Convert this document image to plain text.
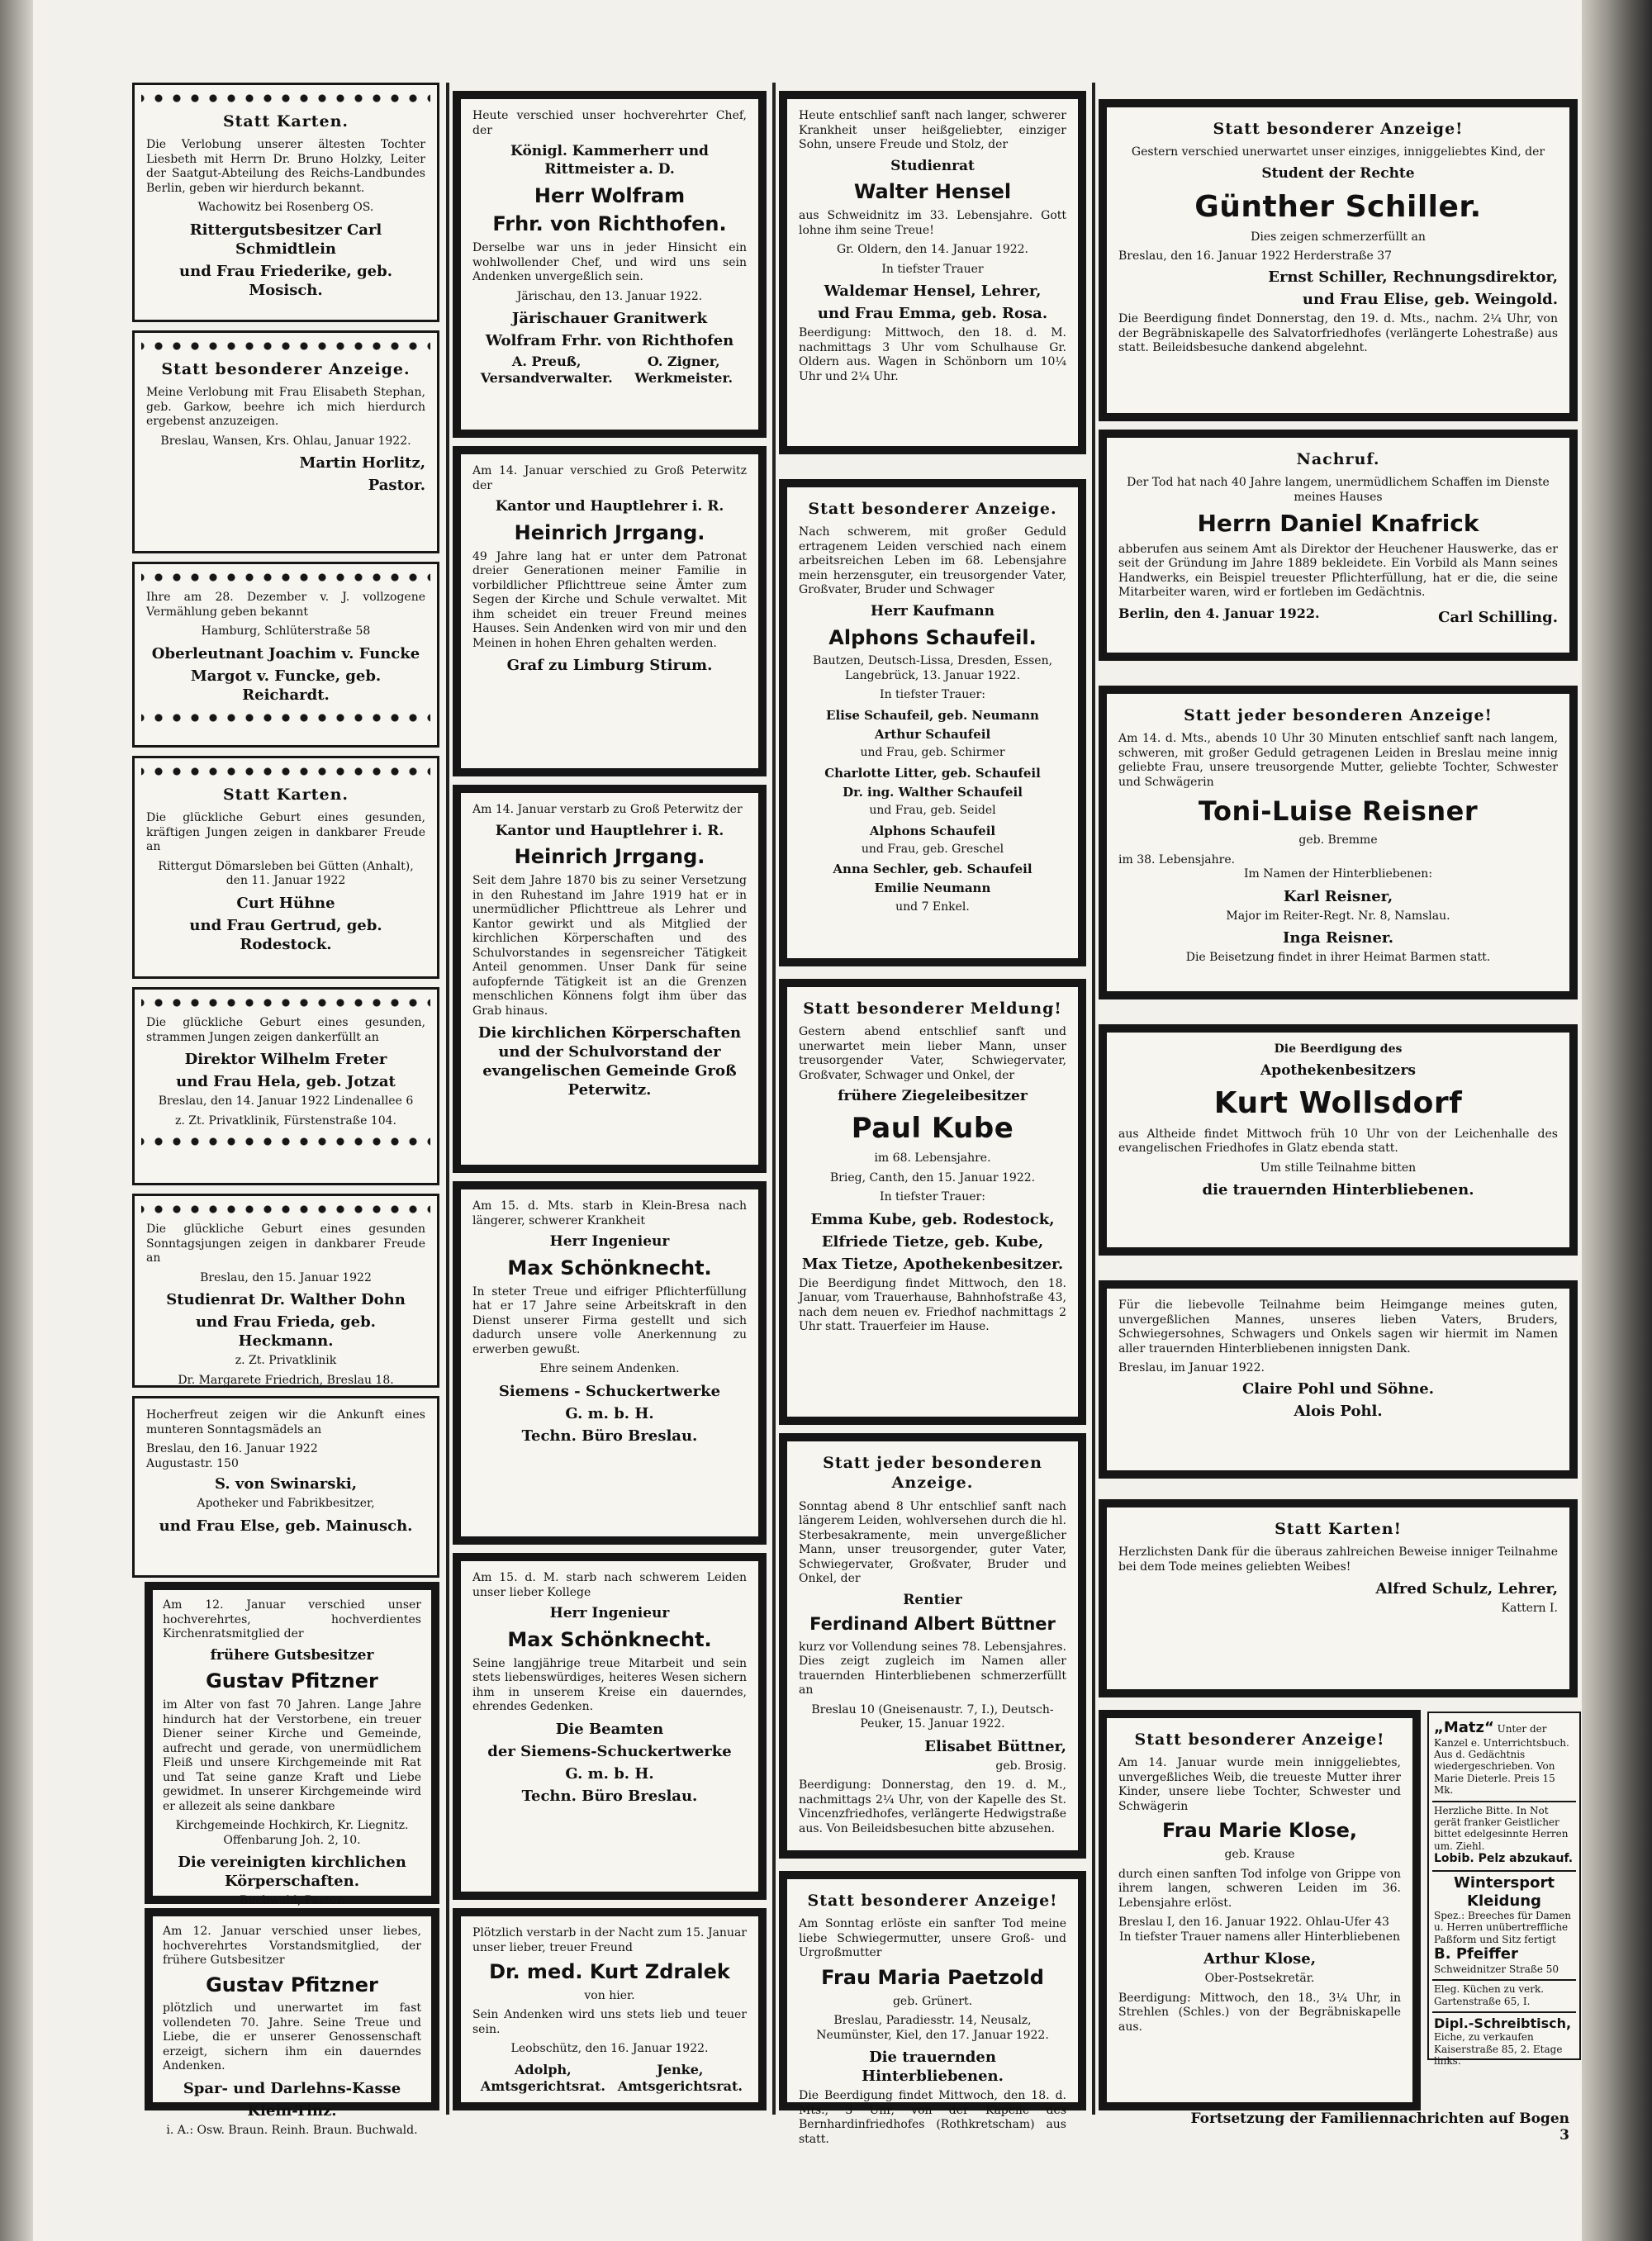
Statt Karten.
Die Verlobung unserer ältesten Tochter Liesbeth mit Herrn Dr. Bruno Holzky, Leiter der Saatgut-Abteilung des Reichs-Landbundes Berlin, geben wir hierdurch bekannt.
Wachowitz bei Rosenberg OS.
Rittergutsbesitzer Carl Schmidtlein
und Frau Friederike, geb. Mosisch.
Statt besonderer Anzeige.
Meine Verlobung mit Frau Elisabeth Stephan, geb. Garkow, beehre ich mich hierdurch ergebenst anzuzeigen.
Breslau, Wansen, Krs. Ohlau, Januar 1922.
Martin Horlitz,
Pastor.
Ihre am 28. Dezember v. J. vollzogene Vermählung geben bekannt
Hamburg, Schlüterstraße 58
Oberleutnant Joachim v. Funcke
Margot v. Funcke, geb. Reichardt.
Statt Karten.
Die glückliche Geburt eines gesunden, kräftigen Jungen zeigen in dankbarer Freude an
Rittergut Dömarsleben bei Gütten (Anhalt), den 11. Januar 1922
Curt Hühne
und Frau Gertrud, geb. Rodestock.
Die glückliche Geburt eines gesunden, strammen Jungen zeigen dankerfüllt an
Direktor Wilhelm Freter
und Frau Hela, geb. Jotzat
Breslau, den 14. Januar 1922 Lindenallee 6
z. Zt. Privatklinik, Fürstenstraße 104.
Die glückliche Geburt eines gesunden Sonntagsjungen zeigen in dankbarer Freude an
Breslau, den 15. Januar 1922
Studienrat Dr. Walther Dohn
und Frau Frieda, geb. Heckmann.
z. Zt. Privatklinik
Dr. Margarete Friedrich, Breslau 18.
Hocherfreut zeigen wir die Ankunft eines munteren Sonntagsmädels an
Breslau, den 16. Januar 1922
Augustastr. 150
S. von Swinarski,
Apotheker und Fabrikbesitzer,
und Frau Else, geb. Mainusch.
Am 12. Januar verschied unser hochverehrtes, hochverdientes Kirchenratsmitglied der
frühere Gutsbesitzer
Gustav Pfitzner
im Alter von fast 70 Jahren. Lange Jahre hindurch hat der Verstorbene, ein treuer Diener seiner Kirche und Gemeinde, aufrecht und gerade, von unermüdlichem Fleiß und unsere Kirchgemeinde mit Rat und Tat seine ganze Kraft und Liebe gewidmet. In unserer Kirchgemeinde wird er allezeit als seine dankbare
Kirchgemeinde Hochkirch, Kr. Liegnitz. Offenbarung Joh. 2, 10.
Die vereinigten kirchlichen Körperschaften.
Buchwald, Pastor.
Am 12. Januar verschied unser liebes, hochverehrtes Vorstandsmitglied, der frühere Gutsbesitzer
Gustav Pfitzner
plötzlich und unerwartet im fast vollendeten 70. Jahre. Seine Treue und Liebe, die er unserer Genossenschaft erzeigt, sichern ihm ein dauerndes Andenken.
Spar- und Darlehns-Kasse
Klein-Tinz.
i. A.: Osw. Braun. Reinh. Braun. Buchwald.
Heute verschied unser hochverehrter Chef, der
Königl. Kammerherr und Rittmeister a. D.
Herr Wolfram
Frhr. von Richthofen.
Derselbe war uns in jeder Hinsicht ein wohlwollender Chef, und wird uns sein Andenken unvergeßlich sein.
Järischau, den 13. Januar 1922.
Järischauer Granitwerk
Wolfram Frhr. von Richthofen
A. Preuß, Versandverwalter.
O. Zigner, Werkmeister.
Am 14. Januar verschied zu Groß Peterwitz der
Kantor und Hauptlehrer i. R.
Heinrich Jrrgang.
49 Jahre lang hat er unter dem Patronat dreier Generationen meiner Familie in vorbildlicher Pflichttreue seine Ämter zum Segen der Kirche und Schule verwaltet. Mit ihm scheidet ein treuer Freund meines Hauses. Sein Andenken wird von mir und den Meinen in hohen Ehren gehalten werden.
Graf zu Limburg Stirum.
Am 14. Januar verstarb zu Groß Peterwitz der
Kantor und Hauptlehrer i. R.
Heinrich Jrrgang.
Seit dem Jahre 1870 bis zu seiner Versetzung in den Ruhestand im Jahre 1919 hat er in unermüdlicher Pflichttreue als Lehrer und Kantor gewirkt und als Mitglied der kirchlichen Körperschaften und des Schulvorstandes in segensreicher Tätigkeit Anteil genommen. Unser Dank für seine aufopfernde Tätigkeit ist an die Grenzen menschlichen Könnens folgt ihm über das Grab hinaus.
Die kirchlichen Körperschaften und der Schulvorstand der evangelischen Gemeinde Groß Peterwitz.
Am 15. d. Mts. starb in Klein-Bresa nach längerer, schwerer Krankheit
Herr Ingenieur
Max Schönknecht.
In steter Treue und eifriger Pflichterfüllung hat er 17 Jahre seine Arbeitskraft in den Dienst unserer Firma gestellt und sich dadurch unsere volle Anerkennung zu erwerben gewußt.
Ehre seinem Andenken.
Siemens - Schuckertwerke
G. m. b. H.
Techn. Büro Breslau.
Am 15. d. M. starb nach schwerem Leiden unser lieber Kollege
Herr Ingenieur
Max Schönknecht.
Seine langjährige treue Mitarbeit und sein stets liebenswürdiges, heiteres Wesen sichern ihm in unserem Kreise ein dauerndes, ehrendes Gedenken.
Die Beamten
der Siemens-Schuckertwerke
G. m. b. H.
Techn. Büro Breslau.
Plötzlich verstarb in der Nacht zum 15. Januar unser lieber, treuer Freund
Dr. med. Kurt Zdralek
von hier.
Sein Andenken wird uns stets lieb und teuer sein.
Leobschütz, den 16. Januar 1922.
Adolph, Amtsgerichtsrat.
Jenke, Amtsgerichtsrat.
Heute entschlief sanft nach langer, schwerer Krankheit unser heißgeliebter, einziger Sohn, unsere Freude und Stolz, der
Studienrat
Walter Hensel
aus Schweidnitz im 33. Lebensjahre. Gott lohne ihm seine Treue!
Gr. Oldern, den 14. Januar 1922.
In tiefster Trauer
Waldemar Hensel, Lehrer,
und Frau Emma, geb. Rosa.
Beerdigung: Mittwoch, den 18. d. M. nachmittags 3 Uhr vom Schulhause Gr. Oldern aus. Wagen in Schönborn um 10¼ Uhr und 2¼ Uhr.
Statt besonderer Anzeige.
Nach schwerem, mit großer Geduld ertragenem Leiden verschied nach einem arbeitsreichen Leben im 68. Lebensjahre mein herzensguter, ein treusorgender Vater, Großvater, Bruder und Schwager
Herr Kaufmann
Alphons Schaufeil.
Bautzen, Deutsch-Lissa, Dresden, Essen, Langebrück, 13. Januar 1922.
In tiefster Trauer:
Elise Schaufeil, geb. Neumann
Arthur Schaufeil
und Frau, geb. Schirmer
Charlotte Litter, geb. Schaufeil
Dr. ing. Walther Schaufeil
und Frau, geb. Seidel
Alphons Schaufeil
und Frau, geb. Greschel
Anna Sechler, geb. Schaufeil
Emilie Neumann
und 7 Enkel.
Statt besonderer Meldung!
Gestern abend entschlief sanft und unerwartet mein lieber Mann, unser treusorgender Vater, Schwiegervater, Großvater, Schwager und Onkel, der
frühere Ziegeleibesitzer
Paul Kube
im 68. Lebensjahre.
Brieg, Canth, den 15. Januar 1922.
In tiefster Trauer:
Emma Kube, geb. Rodestock,
Elfriede Tietze, geb. Kube,
Max Tietze, Apothekenbesitzer.
Die Beerdigung findet Mittwoch, den 18. Januar, vom Trauerhause, Bahnhofstraße 43, nach dem neuen ev. Friedhof nachmittags 2 Uhr statt. Trauerfeier im Hause.
Statt jeder besonderen Anzeige.
Sonntag abend 8 Uhr entschlief sanft nach längerem Leiden, wohlversehen durch die hl. Sterbesakramente, mein unvergeßlicher Mann, unser treusorgender, guter Vater, Schwiegervater, Großvater, Bruder und Onkel, der
Rentier
Ferdinand Albert Büttner
kurz vor Vollendung seines 78. Lebensjahres. Dies zeigt zugleich im Namen aller trauernden Hinterbliebenen schmerzerfüllt an
Breslau 10 (Gneisenaustr. 7, I.), Deutsch-Peuker, 15. Januar 1922.
Elisabet Büttner,
geb. Brosig.
Beerdigung: Donnerstag, den 19. d. M., nachmittags 2¼ Uhr, von der Kapelle des St. Vincenzfriedhofes, verlängerte Hedwigstraße aus. Von Beileidsbesuchen bitte abzusehen.
Statt besonderer Anzeige!
Am Sonntag erlöste ein sanfter Tod meine liebe Schwiegermutter, unsere Groß- und Urgroßmutter
Frau Maria Paetzold
geb. Grünert.
Breslau, Paradiesstr. 14, Neusalz, Neumünster, Kiel, den 17. Januar 1922.
Die trauernden Hinterbliebenen.
Die Beerdigung findet Mittwoch, den 18. d. Mts., 3 Uhr, von der Kapelle des Bernhardinfriedhofes (Rothkretscham) aus statt.
Statt besonderer Anzeige!
Gestern verschied unerwartet unser einziges, inniggeliebtes Kind, der
Student der Rechte
Günther Schiller.
Dies zeigen schmerzerfüllt an
Breslau, den 16. Januar 1922 Herderstraße 37
Ernst Schiller, Rechnungsdirektor,
und Frau Elise, geb. Weingold.
Die Beerdigung findet Donnerstag, den 19. d. Mts., nachm. 2¼ Uhr, von der Begräbniskapelle des Salvatorfriedhofes (verlängerte Lohestraße) aus statt. Beileidsbesuche dankend abgelehnt.
Nachruf.
Der Tod hat nach 40 Jahre langem, unermüdlichem Schaffen im Dienste meines Hauses
Herrn Daniel Knafrick
abberufen aus seinem Amt als Direktor der Heuchener Hauswerke, das er seit der Gründung im Jahre 1889 bekleidete. Ein Vorbild als Mann seines Handwerks, ein Beispiel treuester Pflichterfüllung, hat er die, die seine Mitarbeiter waren, wird er fortleben im Gedächtnis.
Berlin, den 4. Januar 1922.	Carl Schilling.
Statt jeder besonderen Anzeige!
Am 14. d. Mts., abends 10 Uhr 30 Minuten entschlief sanft nach langem, schweren, mit großer Geduld getragenen Leiden in Breslau meine innig geliebte Frau, unsere treusorgende Mutter, geliebte Tochter, Schwester und Schwägerin
Toni-Luise Reisner
geb. Bremme
im 38. Lebensjahre.
Im Namen der Hinterbliebenen:
Karl Reisner,
Major im Reiter-Regt. Nr. 8, Namslau.
Inga Reisner.
Die Beisetzung findet in ihrer Heimat Barmen statt.
Die Beerdigung des
Apothekenbesitzers
Kurt Wollsdorf
aus Altheide findet Mittwoch früh 10 Uhr von der Leichenhalle des evangelischen Friedhofes in Glatz ebenda statt.
Um stille Teilnahme bitten
die trauernden Hinterbliebenen.
Für die liebevolle Teilnahme beim Heimgange meines guten, unvergeßlichen Mannes, unseres lieben Vaters, Bruders, Schwiegersohnes, Schwagers und Onkels sagen wir hiermit im Namen aller trauernden Hinterbliebenen innigsten Dank.
Breslau, im Januar 1922.
Claire Pohl und Söhne.
Alois Pohl.
Statt Karten!
Herzlichsten Dank für die überaus zahlreichen Beweise inniger Teilnahme bei dem Tode meines geliebten Weibes!
Alfred Schulz, Lehrer,
Kattern I.
Statt besonderer Anzeige!
Am 14. Januar wurde mein inniggeliebtes, unvergeßliches Weib, die treueste Mutter ihrer Kinder, unsere liebe Tochter, Schwester und Schwägerin
Frau Marie Klose,
geb. Krause
durch einen sanften Tod infolge von Grippe von ihrem langen, schweren Leiden im 36. Lebensjahre erlöst.
Breslau I, den 16. Januar 1922. Ohlau-Ufer 43
In tiefster Trauer namens aller Hinterbliebenen
Arthur Klose,
Ober-Postsekretär.
Beerdigung: Mittwoch, den 18., 3¼ Uhr, in Strehlen (Schles.) von der Begräbniskapelle aus.
„Matz“ Unter der Kanzel e. Unterrichtsbuch. Aus d. Gedächtnis wiedergeschrieben. Von Marie Dieterle. Preis 15 Mk.
Herzliche Bitte. In Not gerät franker Geistlicher bittet edelgesinnte Herren um. Ziehl.
Lobib. Pelz abzukauf.
Wintersport Kleidung
Spez.: Breeches für Damen u. Herren unübertreffliche Paßform und Sitz fertigt
B. Pfeiffer
Schweidnitzer Straße 50
Eleg. Küchen zu verk. Gartenstraße 65, I.
Dipl.-Schreibtisch,
Eiche, zu verkaufen Kaiserstraße 85, 2. Etage links.
Fortsetzung der Familiennachrichten auf Bogen 3
